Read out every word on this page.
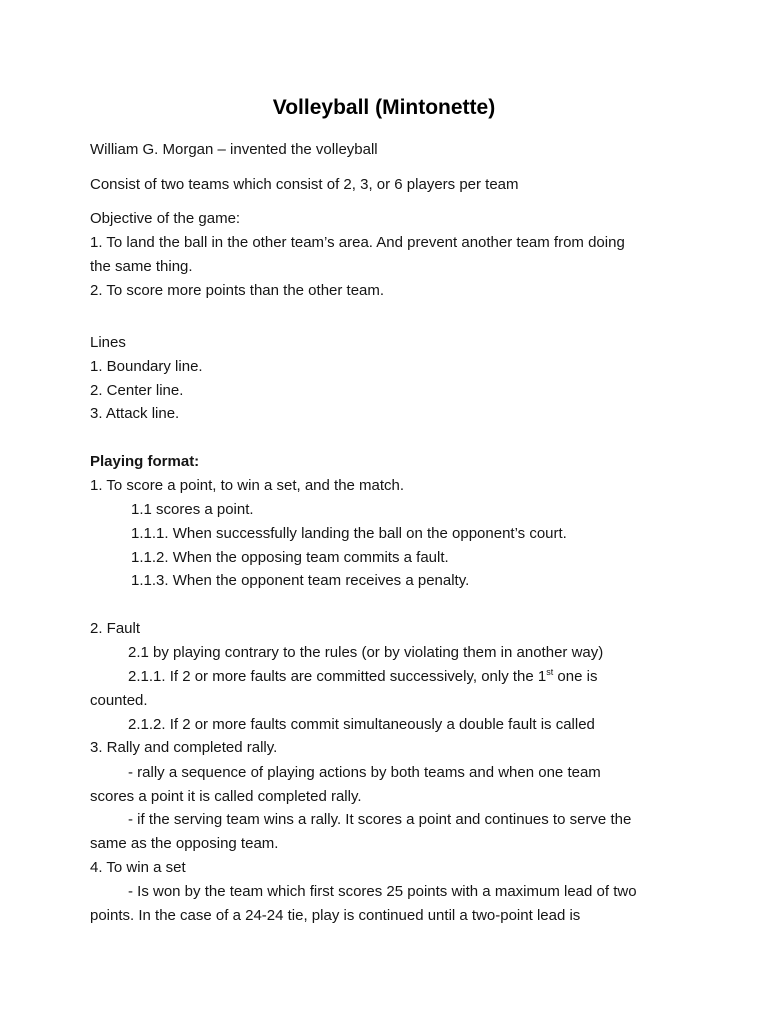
Volleyball (Mintonette)
William G. Morgan – invented the volleyball
Consist of two teams which consist of 2, 3, or 6 players per team
Objective of the game:
1. To land the ball in the other team’s area. And prevent another team from doing
the same thing.
2. To score more points than the other team.
Lines
1. Boundary line.
2. Center line.
3. Attack line.
Playing format:
1. To score a point, to win a set, and the match.
1.1 scores a point.
1.1.1. When successfully landing the ball on the opponent’s court.
1.1.2. When the opposing team commits a fault.
1.1.3. When the opponent team receives a penalty.
2. Fault
2.1 by playing contrary to the rules (or by violating them in another way)
2.1.1. If 2 or more faults are committed successively, only the 1st one is
counted.
2.1.2. If 2 or more faults commit simultaneously a double fault is called
3. Rally and completed rally.
- rally a sequence of playing actions by both teams and when one team
scores a point it is called completed rally.
- if the serving team wins a rally. It scores a point and continues to serve the
same as the opposing team.
4. To win a set
- Is won by the team which first scores 25 points with a maximum lead of two
points. In the case of a 24-24 tie, play is continued until a two-point lead is
